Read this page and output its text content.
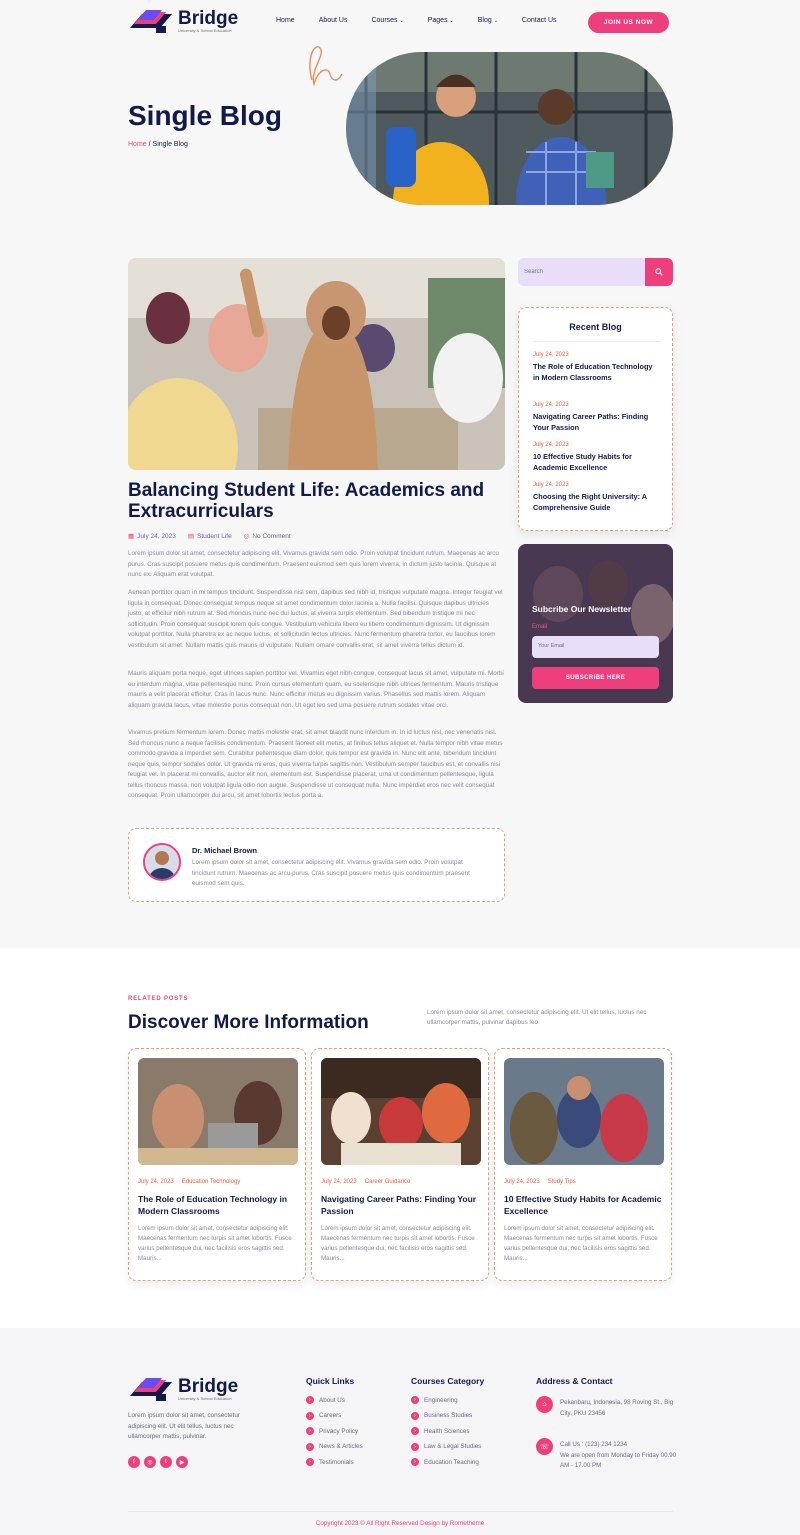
Bridge
University & School Education
Home	About Us	Courses ⌄	Pages ⌄	Blog ⌄	Contact Us	JOIN US NOW
Single Blog
Home / Single Blog
Balancing Student Life: Academics and Extracurriculars
▦ July 24, 2023 ▤ Student Life ◎ No Comment
Lorem ipsum dolor sit amet, consectetur adipiscing elit. Vivamus gravida sem odio. Proin volutpat tincidunt rutrum. Maecenas ac arcu purus. Cras suscipit posuere metus quis condimentum. Praesent euismod sem quis lorem viverra, in dictum justo lacinia. Quisque at nunc ex. Aliquam erat volutpat.
Aenean porttitor quam in mi tempus tincidunt. Suspendisse nisl sem, dapibus sed nibh id, tristique vulputate magna. Integer feugiat vel ligula in consequat. Donec consequat tempus neque sit amet condimentum dolor lacinia a. Nulla facilisi. Quisque dapibus ultricies justo, at efficitur nibh rutrum at. Sed rhoncus nunc nec dui luctus, at viverra turpis elementum. Sed bibendum tristique mi nec sollicitudin. Proin consequat suscipit lorem quis congue. Vestibulum vehicula libero eu libero condimentum dignissim. Ut dignissim volutpat porttitor. Nulla pharetra ex ac neque luctus, et sollicitudin lectus ultricies. Nunc fermentum pharetra tortor, eu faucibus lorem vestibulum sit amet. Nullam mattis quis mauris id vulputate. Nullam ornare convallis erat, sit amet viverra tellus dictum id.
Mauris aliquam porta neque, eget ultrices sapien porttitor vel. Vivamus eget nibh congue, consequat lacus sit amet, vulputate mi. Morbi eu interdum magna, vitae pellentesque nunc. Proin cursus elementum quam, eu scelerisque nibh ultrices fermentum. Mauris tristique mauris a velit placerat efficitur. Cras in lacus nunc. Nunc efficitur metus eu dignissim varius. Phasellus sed mattis lorem. Aliquam aliquam gravida lacus, vitae molestie purus consequat non. Ut eget leo sed urna posuere rutrum sodales vitae orci.
Vivamus pretium fermentum lorem. Donec mattis molestie erat, sit amet blandit nunc interdum in. In id luctus nisl, nec venenatis nisl. Sed rhoncus nunc a neque facilisis condimentum. Praesent laoreet elit metus, at finibus tellus aliquet et. Nulla tempor nibh vitae metus commodo gravida a imperdiet sem. Curabitur pellentesque diam dolor, quis tempor est gravida in. Nunc elit ante, bibendum tincidunt neque quis, tempor sodales dolor. Ut gravida mi eros, quis viverra turpis sagittis non. Vestibulum semper faucibus est, et convallis nisi feugiat vel. In placerat mi convallis, auctor elit non, elementum est. Suspendisse placerat, urna ut condimentum pellentesque, ligula tellus rhoncus massa, non volutpat ligula odio non augue. Suspendisse ut consequat nulla. Nunc imperdiet eros nec velit consequat consequat. Proin ullamcorper dui arcu, sit amet lobortis lectus porta a.
Dr. Michael Brown
Lorem ipsum dolor sit amet, consectetur adipiscing elit. Vivamus gravida sem odio. Proin volutpat tincidunt rutrum. Maecenas ac arcu purus. Cras suscipit posuere metus quis condimentum praesent euismod sem quis.
Search
Recent Blog
July 24, 2023
The Role of Education Technology in Modern Classrooms
July 24, 2023
Navigating Career Paths: Finding Your Passion
July 24, 2023
10 Effective Study Habits for Academic Excellence
July 24, 2023
Choosing the Right University: A Comprehensive Guide
Subcribe Our Newsletter
Email
Your Email
SUBSCRIBE HERE
RELATED POSTS
Discover More Information	Lorem ipsum dolor sit amet, consectetur adipiscing elit. Ut elit tellus, luctus nec ullamcorper mattis, pulvinar dapibus leo.
July 24, 2023 Education Technology
The Role of Education Technology in Modern Classrooms
Lorem ipsum dolor sit amet, consectetur adipiscing elit. Maecenas fermentum nec turpis sit amet lobortis. Fusce varius pellentesque dui, nec facilisis eros sagittis sed. Mauris...
July 24, 2023 Career Guidance
Navigating Career Paths: Finding Your Passion
Lorem ipsum dolor sit amet, consectetur adipiscing elit. Maecenas fermentum nec turpis sit amet lobortis. Fusce varius pellentesque dui, nec facilisis eros sagittis sed. Mauris...
July 24, 2023 Study Tips
10 Effective Study Habits for Academic Excellence
Lorem ipsum dolor sit amet, consectetur adipiscing elit. Maecenas fermentum nec turpis sit amet lobortis. Fusce varius pellentesque dui, nec facilisis eros sagittis sed. Mauris...
Bridge
University & School Education
Lorem ipsum dolor sit amet, consectetur adipiscing elit. Ut elit tellus, luctus nec ullamcorper mattis, pulvinar.
f	◎	t	▶
Quick Links
›	About Us
›	Careers
›	Privacy Policy
›	News & Articles
›	Testimonials
Courses Category
›	Engineering
›	Business Studies
›	Health Sciences
›	Law & Legal Studies
›	Education Teaching
Address & Contact
⌂	Pekanbaru, Indonesia, 98 Roving St., Big City, PKU 23456
☏	Call Us : (123) 234 1234
We are open from Monday to Friday 00.90 AM - 17.00 PM
Copyright 2023 © All Right Reserved Design by Rometheme
